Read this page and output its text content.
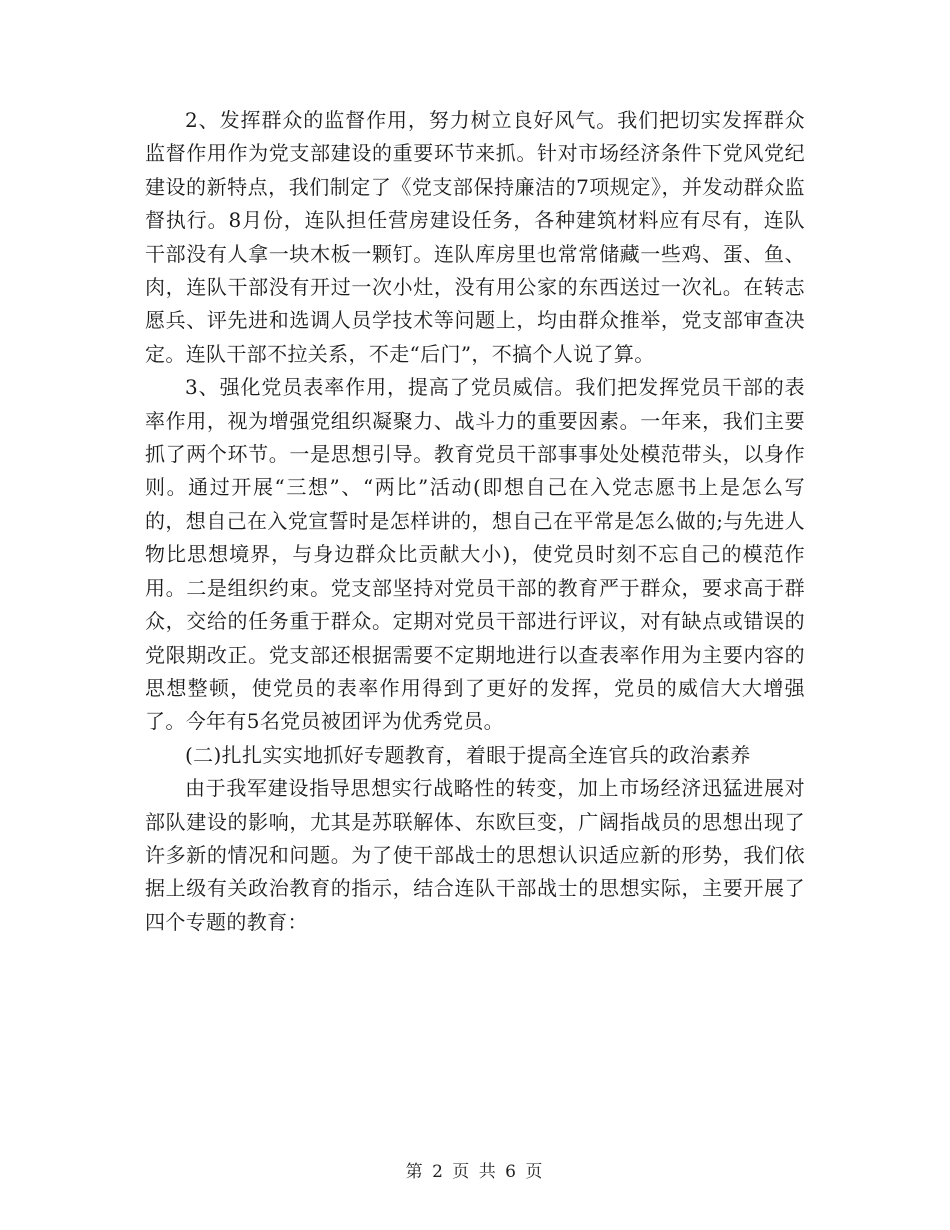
2、发挥群众的监督作用，努力树立良好风气。我们把切实发挥群众监督作用作为党支部建设的重要环节来抓。针对市场经济条件下党风党纪建设的新特点，我们制定了《党支部保持廉洁的7项规定》，并发动群众监督执行。8月份，连队担任营房建设任务，各种建筑材料应有尽有，连队干部没有人拿一块木板一颗钉。连队库房里也常常储藏一些鸡、蛋、鱼、肉，连队干部没有开过一次小灶，没有用公家的东西送过一次礼。在转志愿兵、评先进和选调人员学技术等问题上，均由群众推举，党支部审查决定。连队干部不拉关系，不走“后门”，不搞个人说了算。

3、强化党员表率作用，提高了党员威信。我们把发挥党员干部的表率作用，视为增强党组织凝聚力、战斗力的重要因素。一年来，我们主要抓了两个环节。一是思想引导。教育党员干部事事处处模范带头，以身作则。通过开展“三想”、“两比”活动(即想自己在入党志愿书上是怎么写的，想自己在入党宣誓时是怎样讲的，想自己在平常是怎么做的;与先进人物比思想境界，与身边群众比贡献大小)，使党员时刻不忘自己的模范作用。二是组织约束。党支部坚持对党员干部的教育严于群众，要求高于群众，交给的任务重于群众。定期对党员干部进行评议，对有缺点或错误的党限期改正。党支部还根据需要不定期地进行以查表率作用为主要内容的思想整顿，使党员的表率作用得到了更好的发挥，党员的威信大大增强了。今年有5名党员被团评为优秀党员。

(二)扎扎实实地抓好专题教育，着眼于提高全连官兵的政治素养

由于我军建设指导思想实行战略性的转变，加上市场经济迅猛进展对部队建设的影响，尤其是苏联解体、东欧巨变，广阔指战员的思想出现了许多新的情况和问题。为了使干部战士的思想认识适应新的形势，我们依据上级有关政治教育的指示，结合连队干部战士的思想实际，主要开展了四个专题的教育：

第 2 页 共 6 页
